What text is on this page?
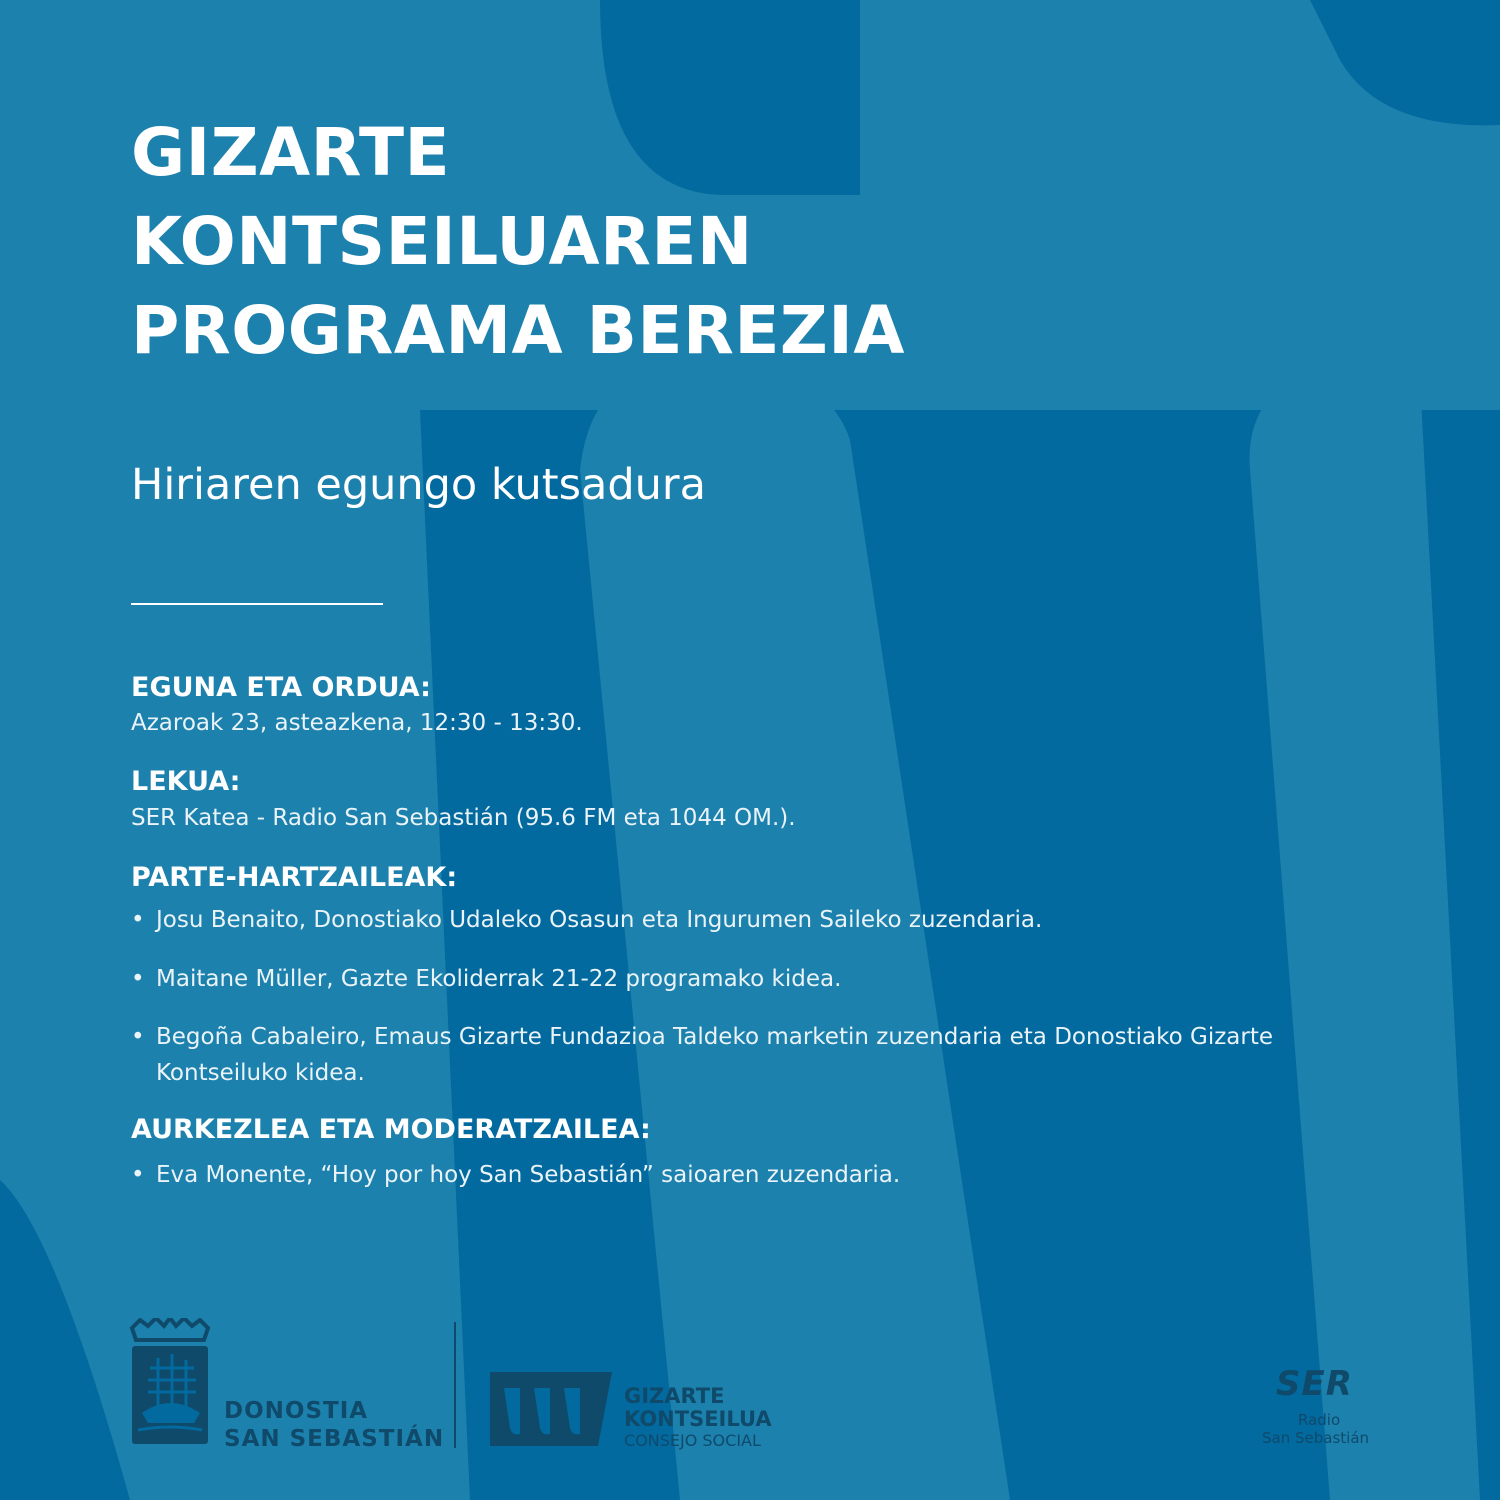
GIZARTE
KONTSEILUAREN
PROGRAMA BEREZIA
Hiriaren egungo kutsadura
EGUNA ETA ORDUA:

Azaroak 23, asteazkena, 12:30 - 13:30.

LEKUA:

SER Katea - Radio San Sebastián (95.6 FM eta 1044 OM.).

PARTE-HARTZAILEAK:
• Josu Benaito, Donostiako Udaleko Osasun eta Ingurumen Saileko zuzendaria.
• Maitane Müller, Gazte Ekoliderrak 21-22 programako kidea.
• Begoña Cabaleiro, Emaus Gizarte Fundazioa Taldeko marketin zuzendaria eta Donostiako Gizarte Kontseiluko kidea.
AURKEZLEA ETA MODERATZAILEA:
• Eva Monente, “Hoy por hoy San Sebastián” saioaren zuzendaria.
DONOSTIA
SAN SEBASTIÁN
GIZARTE
KONTSEILUA
CONSEJO SOCIAL
SER
Radio
San Sebastián
